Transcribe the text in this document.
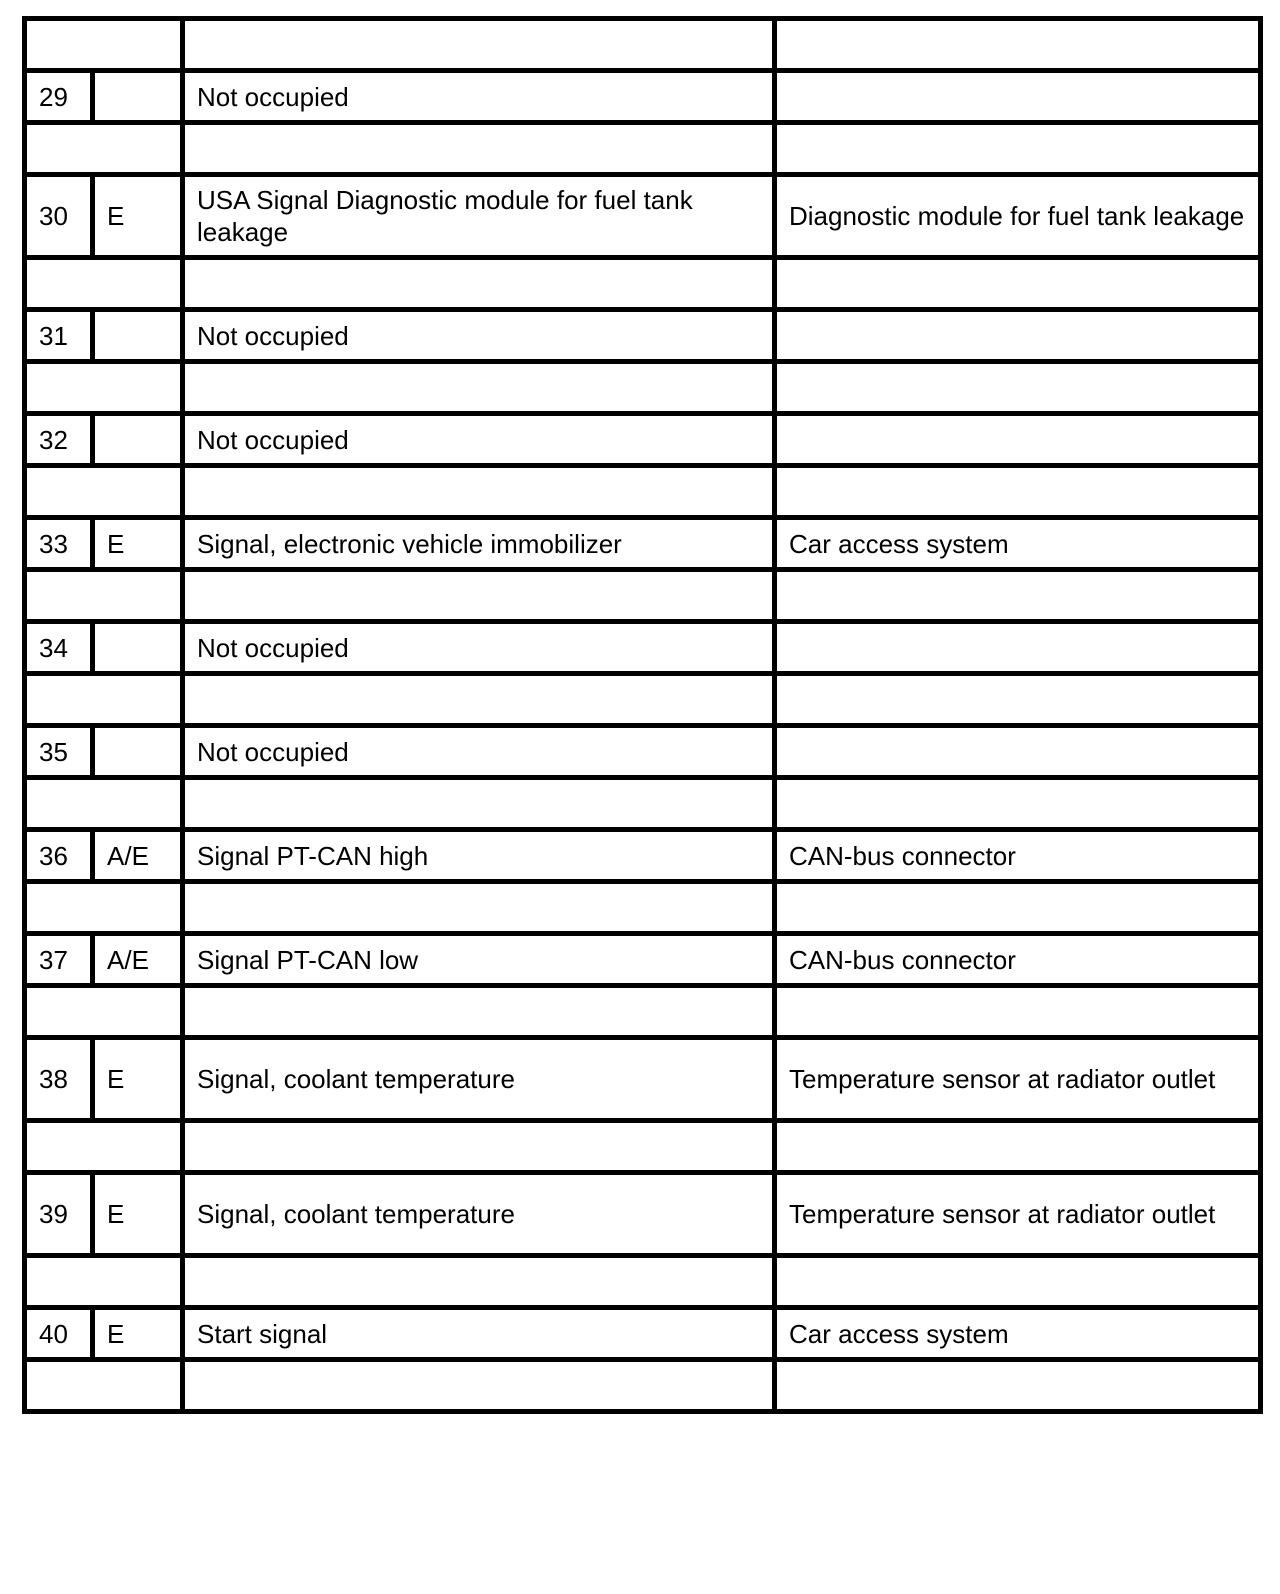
29		Not occupied	

30	E	USA Signal Diagnostic module for fuel tank leakage	Diagnostic module for fuel tank leakage

31		Not occupied	

32		Not occupied	

33	E	Signal, electronic vehicle immobilizer	Car access system

34		Not occupied	

35		Not occupied	

36	A/E	Signal PT-CAN high	CAN-bus connector

37	A/E	Signal PT-CAN low	CAN-bus connector

38	E	Signal, coolant temperature	Temperature sensor at radiator outlet

39	E	Signal, coolant temperature	Temperature sensor at radiator outlet

40	E	Start signal	Car access system
